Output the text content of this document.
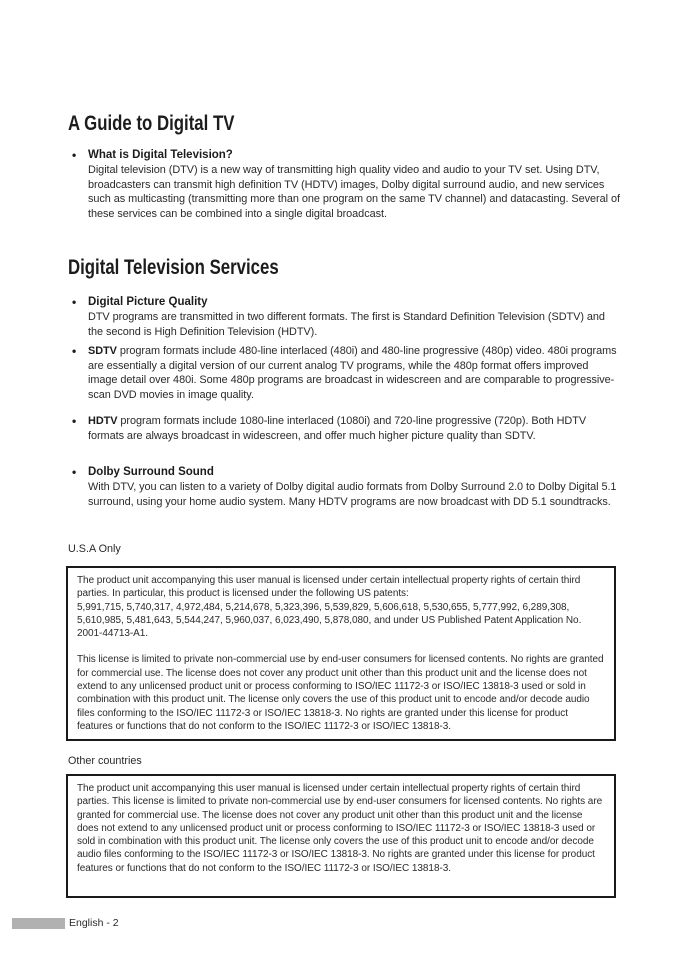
A Guide to Digital TV
• What is Digital Television?
Digital television (DTV) is a new way of transmitting high quality video and audio to your TV set. Using DTV, broadcasters can transmit high definition TV (HDTV) images, Dolby digital surround audio, and new services such as multicasting (transmitting more than one program on the same TV channel) and datacasting. Several of these services can be combined into a single digital broadcast.
Digital Television Services
• Digital Picture Quality
DTV programs are transmitted in two different formats. The first is Standard Definition Television (SDTV) and the second is High Definition Television (HDTV).
• SDTV program formats include 480-line interlaced (480i) and 480-line progressive (480p) video. 480i programs are essentially a digital version of our current analog TV programs, while the 480p format offers improved image detail over 480i. Some 480p programs are broadcast in widescreen and are comparable to progressive-scan DVD movies in image quality.
• HDTV program formats include 1080-line interlaced (1080i) and 720-line progressive (720p). Both HDTV formats are always broadcast in widescreen, and offer much higher picture quality than SDTV.
• Dolby Surround Sound
With DTV, you can listen to a variety of Dolby digital audio formats from Dolby Surround 2.0 to Dolby Digital 5.1 surround, using your home audio system. Many HDTV programs are now broadcast with DD 5.1 soundtracks.
U.S.A Only
The product unit accompanying this user manual is licensed under certain intellectual property rights of certain third parties. In particular, this product is licensed under the following US patents:
5,991,715, 5,740,317, 4,972,484, 5,214,678, 5,323,396, 5,539,829, 5,606,618, 5,530,655, 5,777,992, 6,289,308, 5,610,985, 5,481,643, 5,544,247, 5,960,037, 6,023,490, 5,878,080, and under US Published Patent Application No. 2001-44713-A1.
This license is limited to private non-commercial use by end-user consumers for licensed contents. No rights are granted for commercial use. The license does not cover any product unit other than this product unit and the license does not extend to any unlicensed product unit or process conforming to ISO/IEC 11172-3 or ISO/IEC 13818-3 used or sold in combination with this product unit. The license only covers the use of this product unit to encode and/or decode audio files conforming to the ISO/IEC 11172-3 or ISO/IEC 13818-3. No rights are granted under this license for product features or functions that do not conform to the ISO/IEC 11172-3 or ISO/IEC 13818-3.
Other countries
The product unit accompanying this user manual is licensed under certain intellectual property rights of certain third parties. This license is limited to private non-commercial use by end-user consumers for licensed contents. No rights are granted for commercial use. The license does not cover any product unit other than this product unit and the license does not extend to any unlicensed product unit or process conforming to ISO/IEC 11172-3 or ISO/IEC 13818-3 used or sold in combination with this product unit. The license only covers the use of this product unit to encode and/or decode audio files conforming to the ISO/IEC 11172-3 or ISO/IEC 13818-3. No rights are granted under this license for product features or functions that do not conform to the ISO/IEC 11172-3 or ISO/IEC 13818-3.
English - 2
